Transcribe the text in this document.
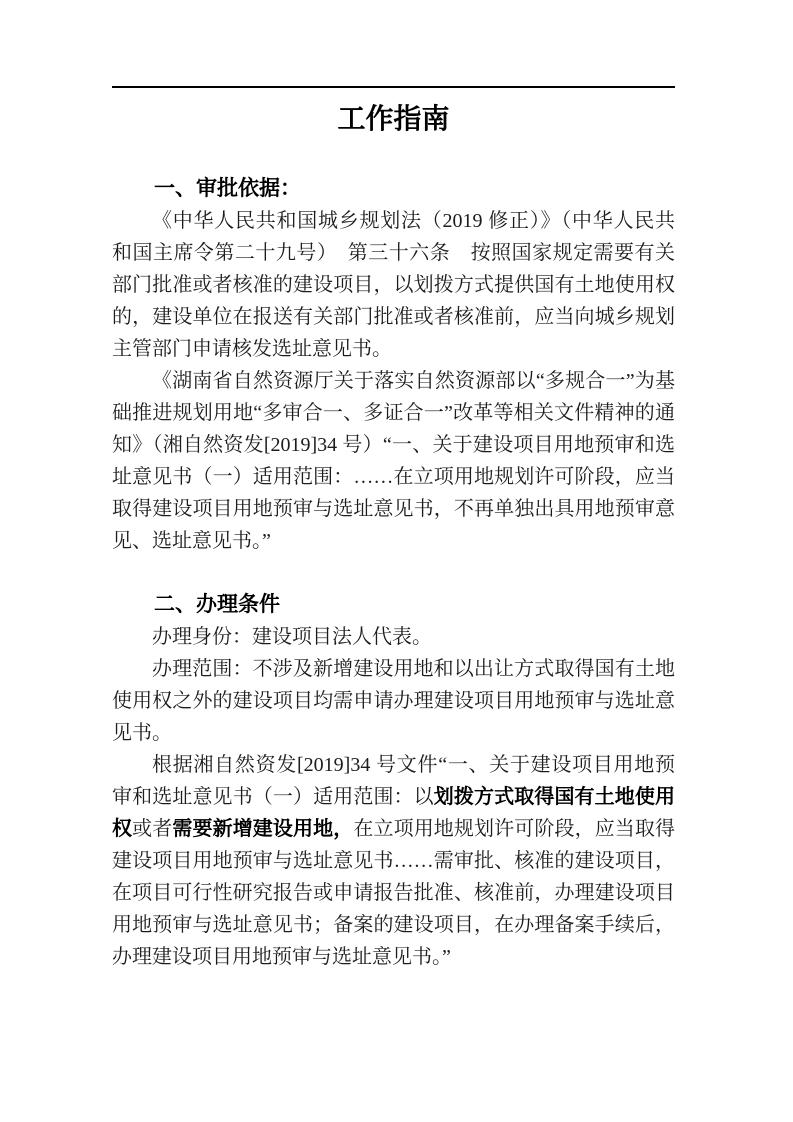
工作指南
一、审批依据：

《中华人民共和国城乡规划法（2019 修正）》（中华人民共和国主席令第二十九号）　第三十六条　按照国家规定需要有关部门批准或者核准的建设项目，以划拨方式提供国有土地使用权的，建设单位在报送有关部门批准或者核准前，应当向城乡规划主管部门申请核发选址意见书。

《湖南省自然资源厅关于落实自然资源部以“多规合一”为基础推进规划用地“多审合一、多证合一”改革等相关文件精神的通知》（湘自然资发[2019]34 号）“一、关于建设项目用地预审和选址意见书（一）适用范围：……在立项用地规划许可阶段，应当取得建设项目用地预审与选址意见书，不再单独出具用地预审意见、选址意见书。”

二、办理条件

办理身份：建设项目法人代表。

办理范围：不涉及新增建设用地和以出让方式取得国有土地使用权之外的建设项目均需申请办理建设项目用地预审与选址意见书。

根据湘自然资发[2019]34 号文件“一、关于建设项目用地预审和选址意见书（一）适用范围：以划拨方式取得国有土地使用权或者需要新增建设用地，在立项用地规划许可阶段，应当取得建设项目用地预审与选址意见书……需审批、核准的建设项目，在项目可行性研究报告或申请报告批准、核准前，办理建设项目用地预审与选址意见书；备案的建设项目，在办理备案手续后，办理建设项目用地预审与选址意见书。”
